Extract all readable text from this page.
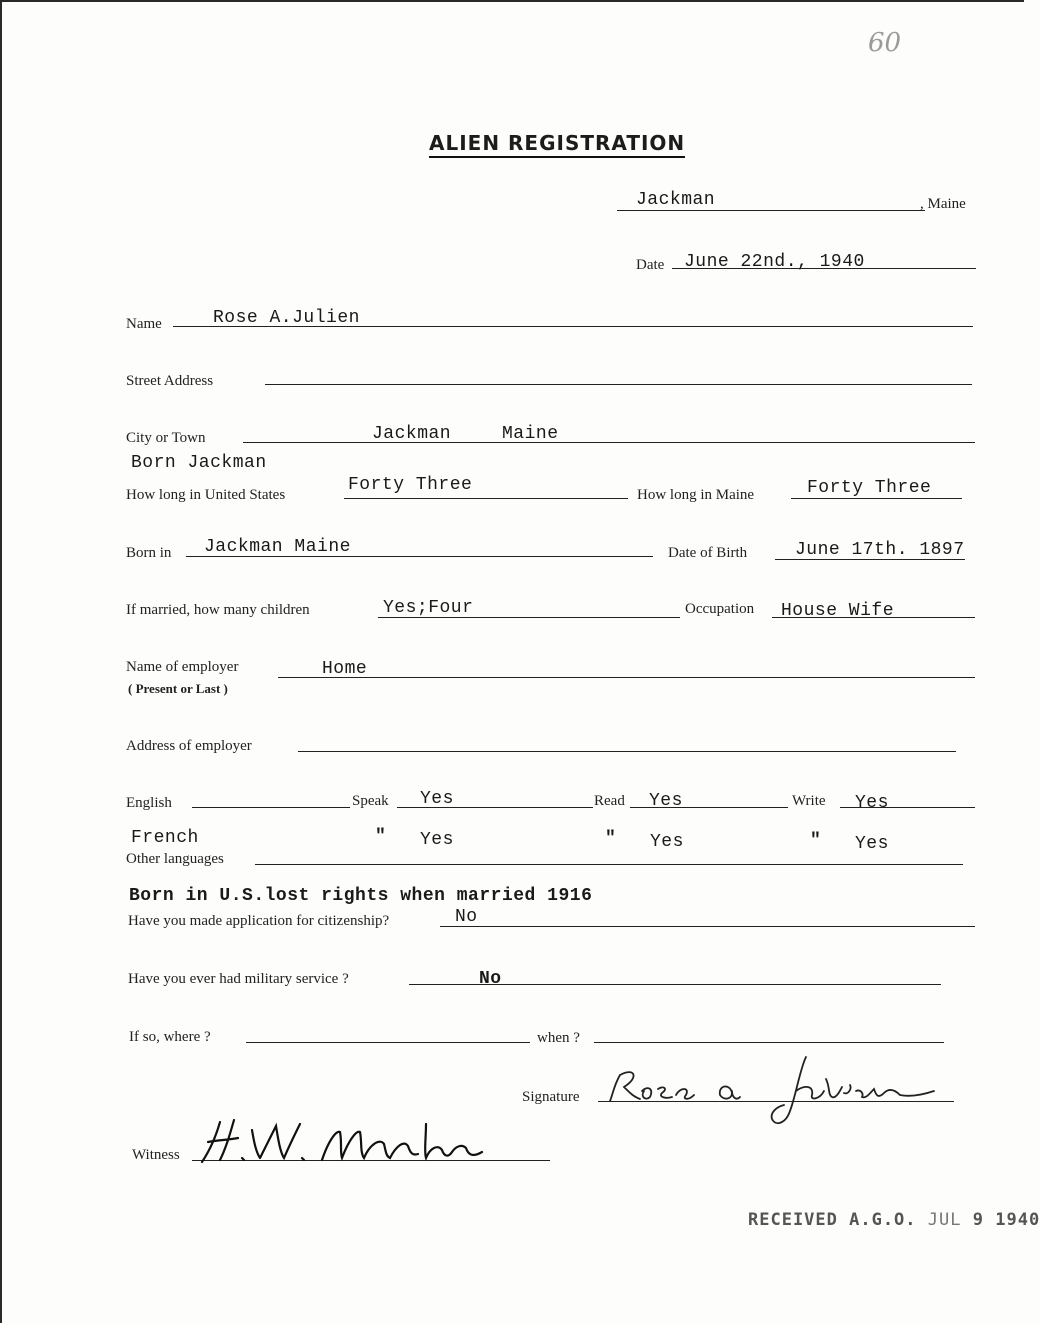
60
ALIEN REGISTRATION
Jackman	, Maine
Date June 22nd., 1940
Name	Rose A.Julien
Street Address
City or Town	Jackman	Maine
Born Jackman
How long in United States	Forty Three	How long in Maine	Forty Three
Born in Jackman Maine	Date of Birth	June 17th. 1897
If married, how many children	Yes;Four	Occupation House Wife
Name of employer	Home
( Present or Last )
Address of employer
English	Speak Yes	Read Yes	Write Yes
French	" Yes	" Yes	" Yes
Other languages
Born in U.S.lost rights when married 1916
Have you made application for citizenship?	No
Have you ever had military service ?	No
If so, where ?	when ?
Signature
Witness
RECEIVED A.G.O. JUL 9 1940
